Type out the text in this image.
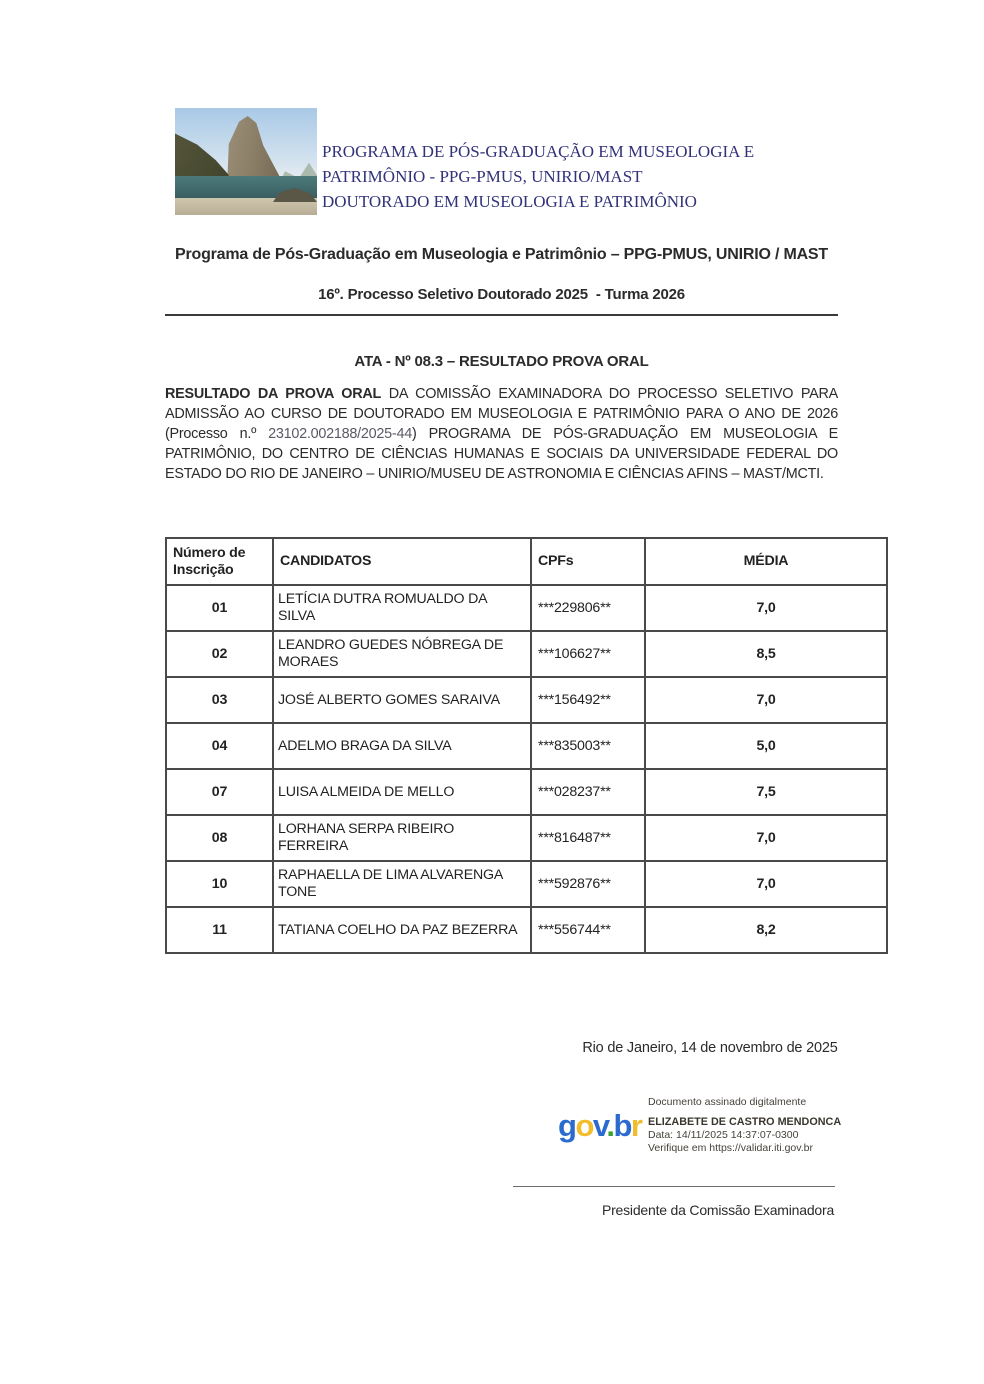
PROGRAMA DE PÓS-GRADUAÇÃO EM MUSEOLOGIA E
PATRIMÔNIO - PPG-PMUS, UNIRIO/MAST
DOUTORADO EM MUSEOLOGIA E PATRIMÔNIO
Programa de Pós-Graduação em Museologia e Patrimônio – PPG-PMUS, UNIRIO / MAST
16º. Processo Seletivo Doutorado 2025  - Turma 2026
ATA - Nº 08.3 – RESULTADO PROVA ORAL
RESULTADO DA PROVA ORAL DA COMISSÃO EXAMINADORA DO PROCESSO SELETIVO PARA ADMISSÃO AO CURSO DE DOUTORADO EM MUSEOLOGIA E PATRIMÔNIO PARA O ANO DE 2026 (Processo n.º 23102.002188/2025-44) PROGRAMA DE PÓS-GRADUAÇÃO EM MUSEOLOGIA E PATRIMÔNIO, DO CENTRO DE CIÊNCIAS HUMANAS E SOCIAIS DA UNIVERSIDADE FEDERAL DO ESTADO DO RIO DE JANEIRO – UNIRIO/MUSEU DE ASTRONOMIA E CIÊNCIAS AFINS – MAST/MCTI.
Número de Inscrição	CANDIDATOS	CPFs	MÉDIA
01	LETÍCIA DUTRA ROMUALDO DA SILVA	***229806**	7,0
02	LEANDRO GUEDES NÓBREGA DE MORAES	***106627**	8,5
03	JOSÉ ALBERTO GOMES SARAIVA	***156492**	7,0
04	ADELMO BRAGA DA SILVA	***835003**	5,0
07	LUISA ALMEIDA DE MELLO	***028237**	7,5
08	LORHANA SERPA RIBEIRO FERREIRA	***816487**	7,0
10	RAPHAELLA DE LIMA ALVARENGA TONE	***592876**	7,0
11	TATIANA COELHO DA PAZ BEZERRA	***556744**	8,2
Rio de Janeiro, 14 de novembro de 2025
gov.br
Documento assinado digitalmente
ELIZABETE DE CASTRO MENDONCA
Data: 14/11/2025 14:37:07-0300
Verifique em https://validar.iti.gov.br
Presidente da Comissão Examinadora
